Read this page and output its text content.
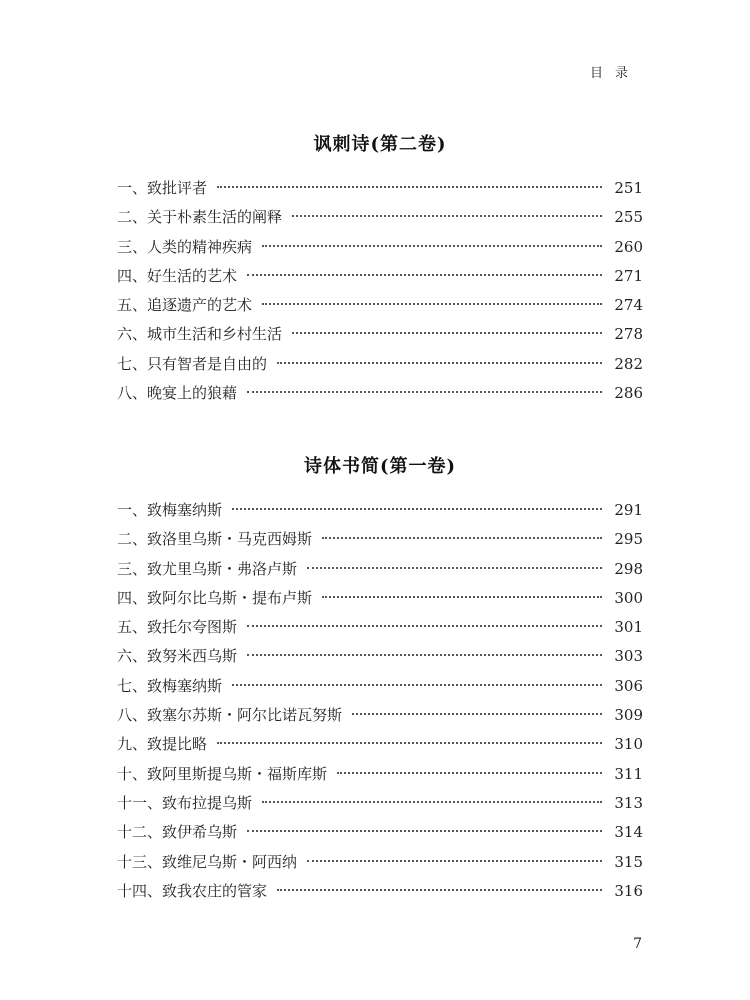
目录
讽刺诗(第二卷)
一、致批评者	251
二、关于朴素生活的阐释	255
三、人类的精神疾病	260
四、好生活的艺术	271
五、追逐遗产的艺术	274
六、城市生活和乡村生活	278
七、只有智者是自由的	282
八、晚宴上的狼藉	286
诗体书简(第一卷)
一、致梅塞纳斯	291
二、致洛里乌斯・马克西姆斯	295
三、致尤里乌斯・弗洛卢斯	298
四、致阿尔比乌斯・提布卢斯	300
五、致托尔夸图斯	301
六、致努米西乌斯	303
七、致梅塞纳斯	306
八、致塞尔苏斯・阿尔比诺瓦努斯	309
九、致提比略	310
十、致阿里斯提乌斯・福斯库斯	311
十一、致布拉提乌斯	313
十二、致伊希乌斯	314
十三、致维尼乌斯・阿西纳	315
十四、致我农庄的管家	316
7
